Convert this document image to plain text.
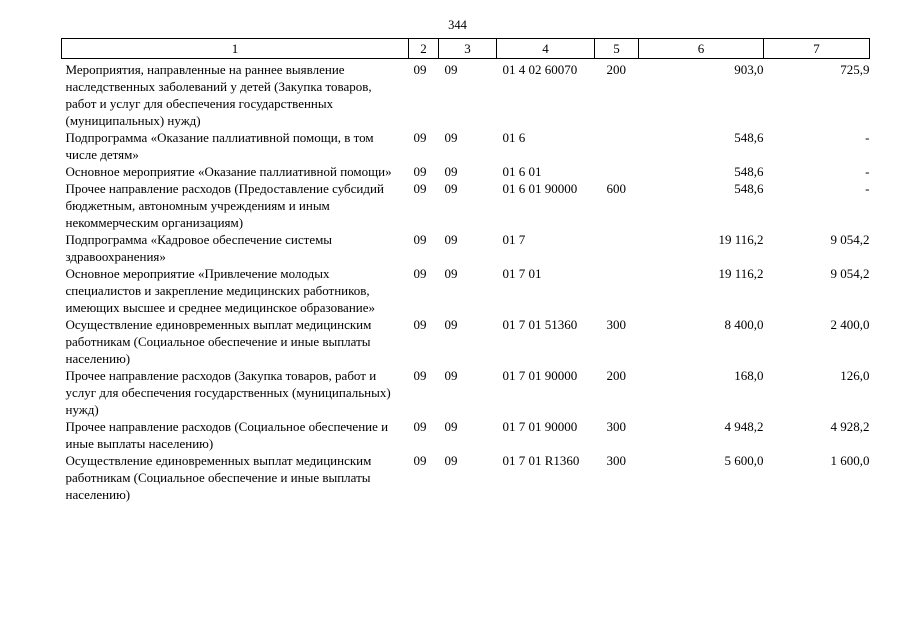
344
1	2	3	4	5	6	7
Мероприятия, направленные на раннее выявление наследственных заболеваний у детей (Закупка товаров, работ и услуг для обеспечения государственных (муниципальных) нужд)	09	09	01 4 02 60070	200	903,0	725,9
Подпрограмма «Оказание паллиативной помощи, в том числе детям»	09	09	01 6		548,6	-
Основное мероприятие «Оказание паллиативной помощи»	09	09	01 6 01		548,6	-
Прочее направление расходов (Предоставление субсидий бюджетным, автономным учреждениям и иным некоммерческим организациям)	09	09	01 6 01 90000	600	548,6	-
Подпрограмма «Кадровое обеспечение системы здравоохранения»	09	09	01 7		19 116,2	9 054,2
Основное мероприятие «Привлечение молодых специалистов и закрепление медицинских работников, имеющих высшее и среднее медицинское образование»	09	09	01 7 01		19 116,2	9 054,2
Осуществление единовременных выплат медицинским работникам (Социальное обеспечение и иные выплаты населению)	09	09	01 7 01 51360	300	8 400,0	2 400,0
Прочее направление расходов (Закупка товаров, работ и услуг для обеспечения государственных (муниципальных) нужд)	09	09	01 7 01 90000	200	168,0	126,0
Прочее направление расходов (Социальное обеспечение и иные выплаты населению)	09	09	01 7 01 90000	300	4 948,2	4 928,2
Осуществление единовременных выплат медицинским работникам (Социальное обеспечение и иные выплаты населению)	09	09	01 7 01 R1360	300	5 600,0	1 600,0
